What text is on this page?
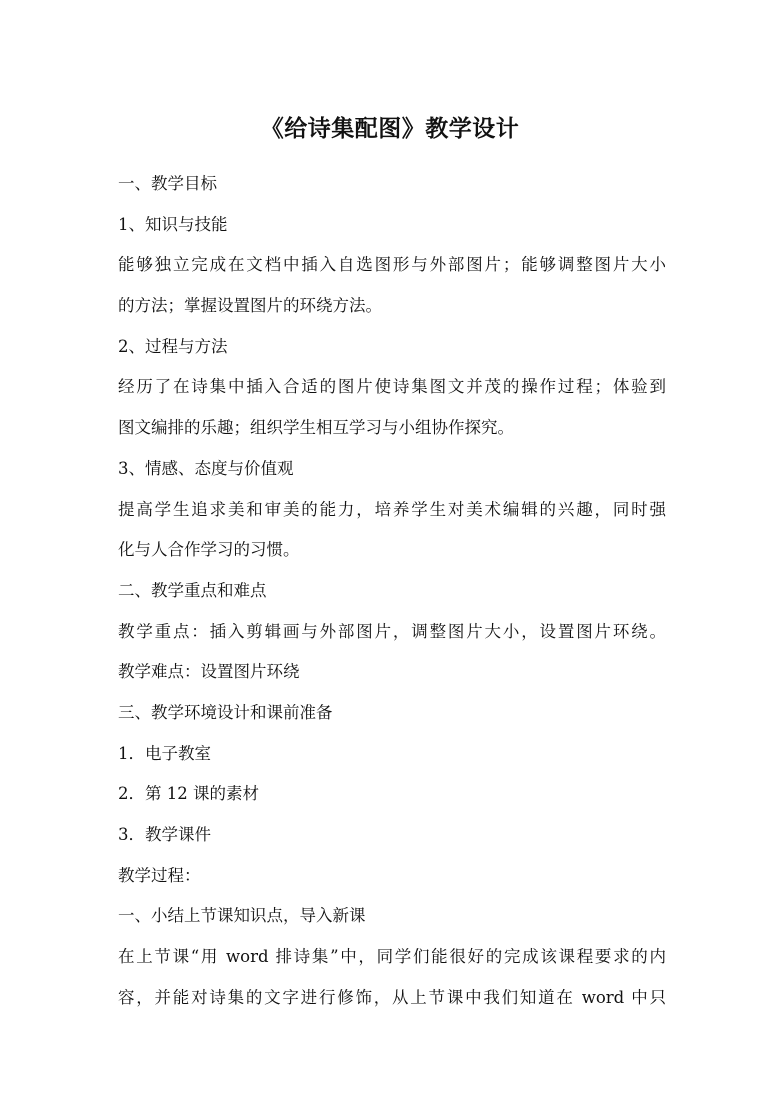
《给诗集配图》教学设计
一、教学目标
1、知识与技能
能够独立完成在文档中插入自选图形与外部图片；能够调整图片大小
的方法；掌握设置图片的环绕方法。
2、过程与方法
经历了在诗集中插入合适的图片使诗集图文并茂的操作过程；体验到
图文编排的乐趣；组织学生相互学习与小组协作探究。
3、情感、态度与价值观
提高学生追求美和审美的能力，培养学生对美术编辑的兴趣，同时强
化与人合作学习的习惯。
二、教学重点和难点
教学重点：插入剪辑画与外部图片，调整图片大小，设置图片环绕。
教学难点：设置图片环绕
三、教学环境设计和课前准备
1．电子教室
2．第 12 课的素材
3．教学课件
教学过程：
一、小结上节课知识点，导入新课
在上节课“用 word 排诗集”中，同学们能很好的完成该课程要求的内
容，并能对诗集的文字进行修饰，从上节课中我们知道在 word 中只
